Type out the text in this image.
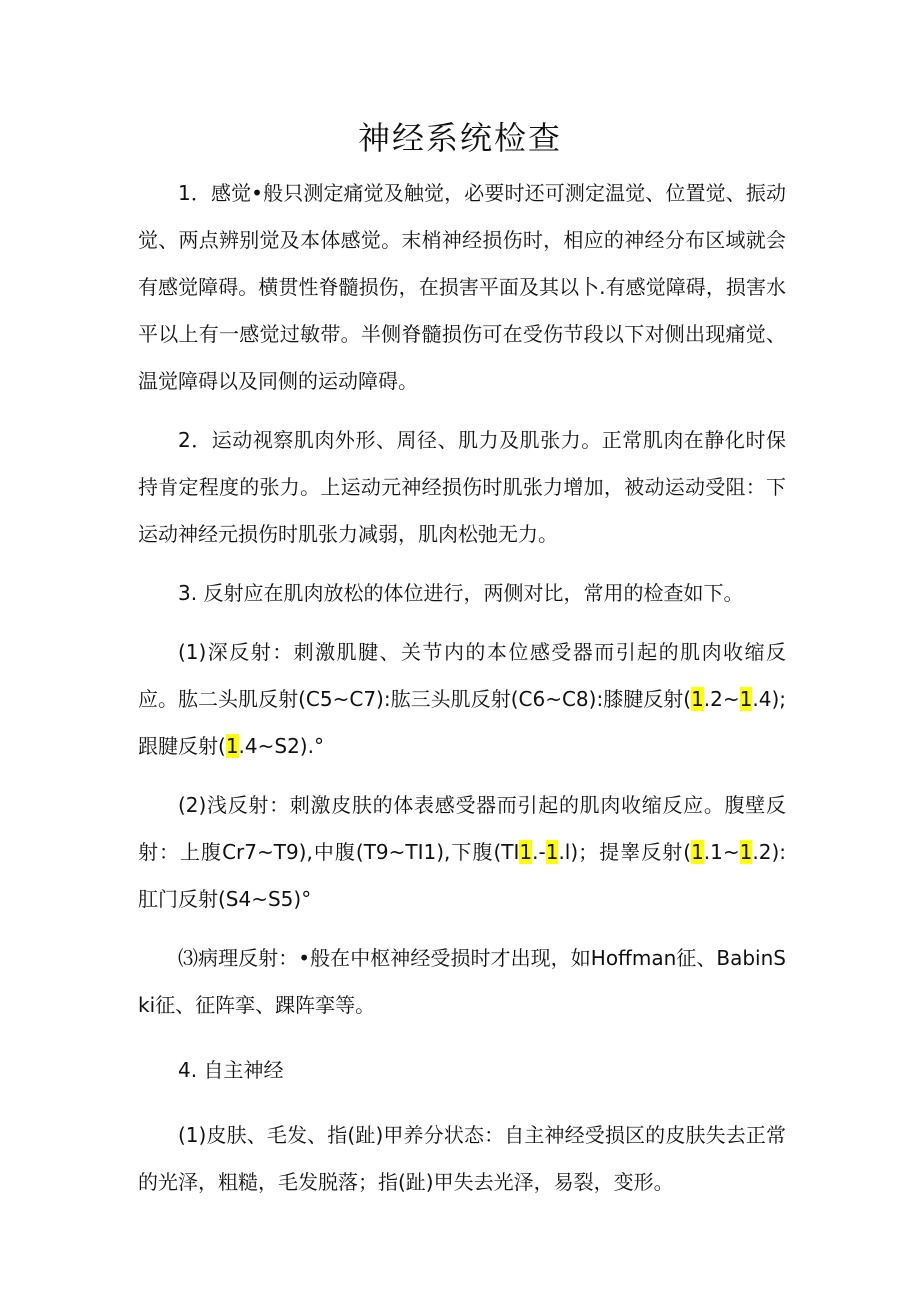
神经系统检查

1．感觉•般只测定痛觉及触觉，必要时还可测定温觉、位置觉、振动觉、两点辨别觉及本体感觉。末梢神经损伤时，相应的神经分布区域就会有感觉障碍。横贯性脊髓损伤，在损害平面及其以卜.有感觉障碍，损害水平以上有一感觉过敏带。半侧脊髓损伤可在受伤节段以下对侧出现痛觉、温觉障碍以及同侧的运动障碍。

2．运动视察肌肉外形、周径、肌力及肌张力。正常肌肉在静化时保持肯定程度的张力。上运动元神经损伤时肌张力增加，被动运动受阻：下运动神经元损伤时肌张力减弱，肌肉松弛无力。

3. 反射应在肌肉放松的体位进行，两侧对比，常用的检查如下。

(1)深反射：刺激肌腱、关节内的本位感受器而引起的肌肉收缩反应。肱二头肌反射(C5~C7):肱三头肌反射(C6~C8):膝腱反射(1.2~1.4);跟腱反射(1.4~S2).°

(2)浅反射：刺激皮肤的体表感受器而引起的肌肉收缩反应。腹壁反射：上腹Cr7~T9),中腹(T9~TI1),下腹(TI1.-1.l)；提睾反射(1.1~1.2):肛门反射(S4~S5)°

⑶病理反射：•般在中枢神经受损时才出现，如Hoffman征、BabinSki征、征阵挛、踝阵挛等。

4. 自主神经

(1)皮肤、毛发、指(趾)甲养分状态：自主神经受损区的皮肤失去正常的光泽，粗糙，毛发脱落；指(趾)甲失去光泽，易裂，变形。
